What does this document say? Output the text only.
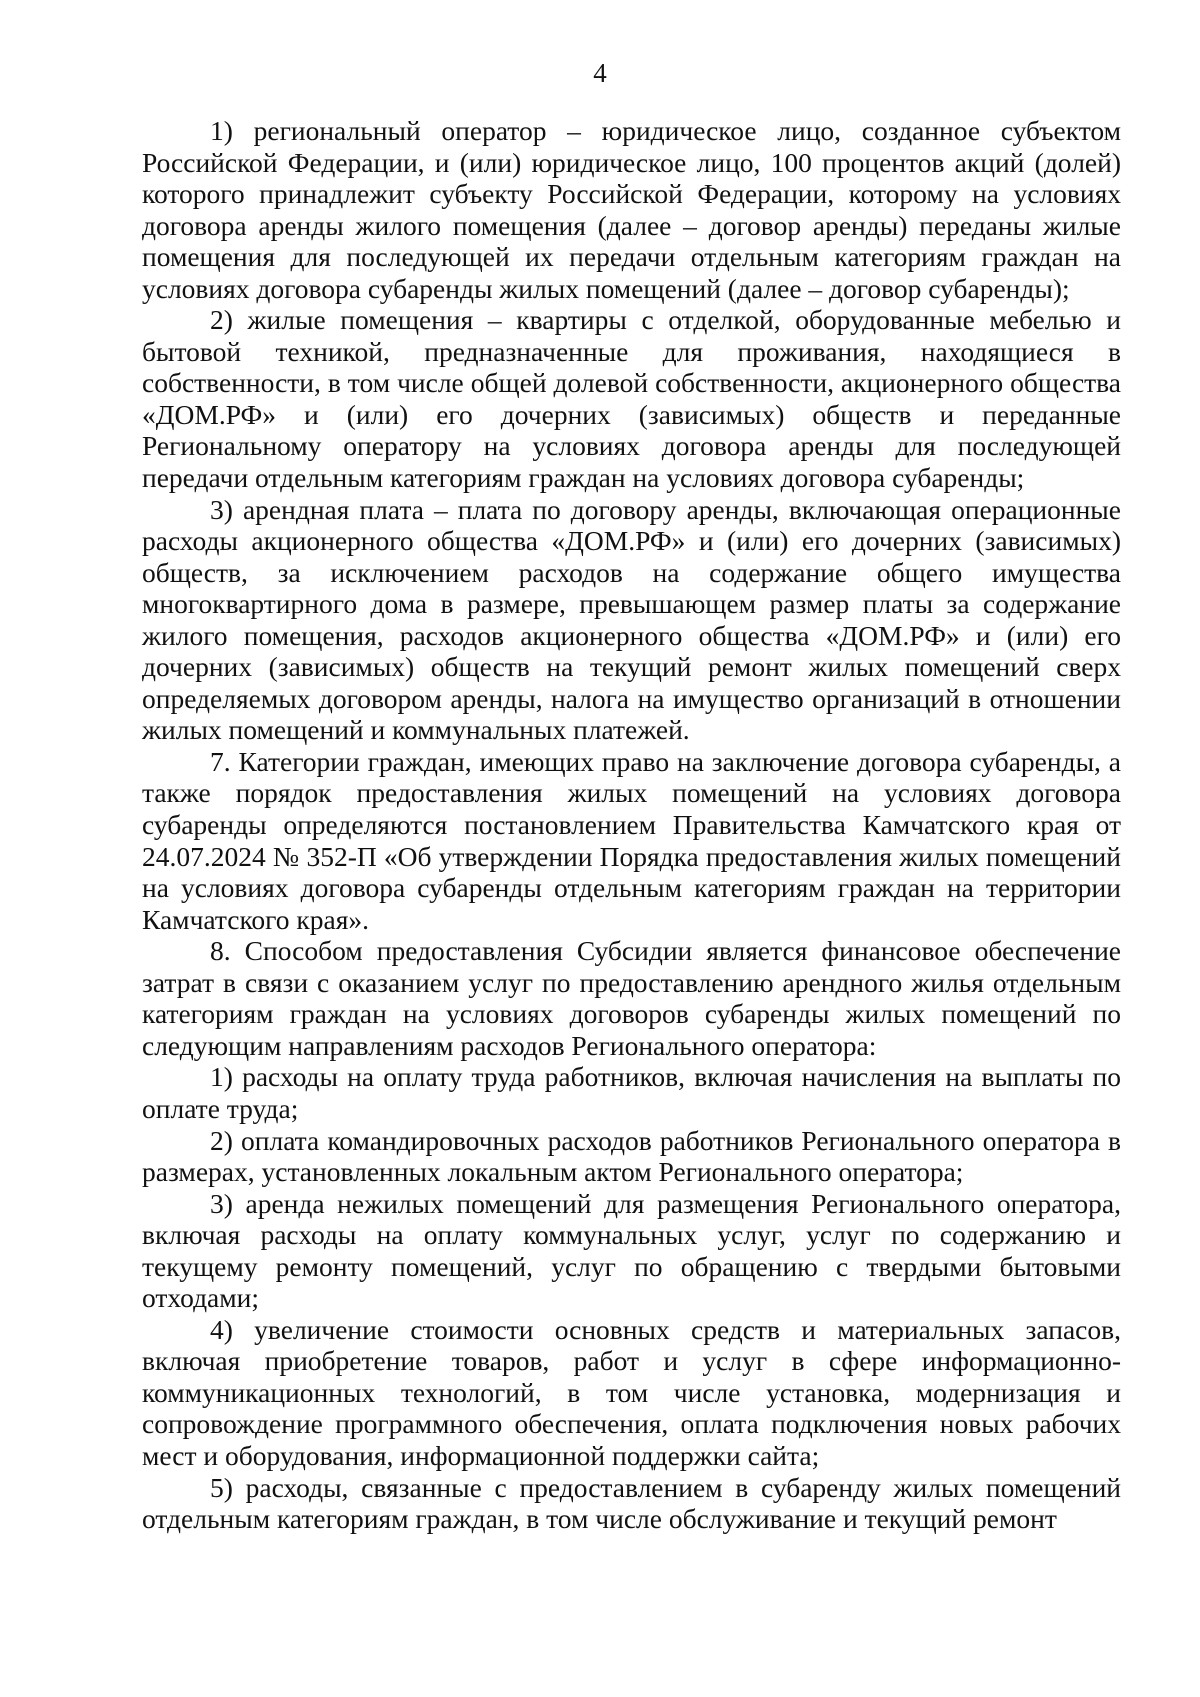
4

1) региональный оператор – юридическое лицо, созданное субъектом Российской Федерации, и (или) юридическое лицо, 100 процентов акций (долей) которого принадлежит субъекту Российской Федерации, которому на условиях договора аренды жилого помещения (далее – договор аренды) переданы жилые помещения для последующей их передачи отдельным категориям граждан на условиях договора субаренды жилых помещений (далее – договор субаренды);

2) жилые помещения – квартиры с отделкой, оборудованные мебелью и бытовой техникой, предназначенные для проживания, находящиеся в собственности, в том числе общей долевой собственности, акционерного общества «ДОМ.РФ» и (или) его дочерних (зависимых) обществ и переданные Региональному оператору на условиях договора аренды для последующей передачи отдельным категориям граждан на условиях договора субаренды;

3) арендная плата – плата по договору аренды, включающая операционные расходы акционерного общества «ДОМ.РФ» и (или) его дочерних (зависимых) обществ, за исключением расходов на содержание общего имущества многоквартирного дома в размере, превышающем размер платы за содержание жилого помещения, расходов акционерного общества «ДОМ.РФ» и (или) его дочерних (зависимых) обществ на текущий ремонт жилых помещений сверх определяемых договором аренды, налога на имущество организаций в отношении жилых помещений и коммунальных платежей.

7. Категории граждан, имеющих право на заключение договора субаренды, а также порядок предоставления жилых помещений на условиях договора субаренды определяются постановлением Правительства Камчатского края от 24.07.2024 № 352-П «Об утверждении Порядка предоставления жилых помещений на условиях договора субаренды отдельным категориям граждан на территории Камчатского края».

8. Способом предоставления Субсидии является финансовое обеспечение затрат в связи с оказанием услуг по предоставлению арендного жилья отдельным категориям граждан на условиях договоров субаренды жилых помещений по следующим направлениям расходов Регионального оператора:

1) расходы на оплату труда работников, включая начисления на выплаты по оплате труда;

2) оплата командировочных расходов работников Регионального оператора в размерах, установленных локальным актом Регионального оператора;

3) аренда нежилых помещений для размещения Регионального оператора, включая расходы на оплату коммунальных услуг, услуг по содержанию и текущему ремонту помещений, услуг по обращению с твердыми бытовыми отходами;

4) увеличение стоимости основных средств и материальных запасов, включая приобретение товаров, работ и услуг в сфере информационно-коммуникационных технологий, в том числе установка, модернизация и сопровождение программного обеспечения, оплата подключения новых рабочих мест и оборудования, информационной поддержки сайта;

5) расходы, связанные с предоставлением в субаренду жилых помещений отдельным категориям граждан, в том числе обслуживание и текущий ремонт
